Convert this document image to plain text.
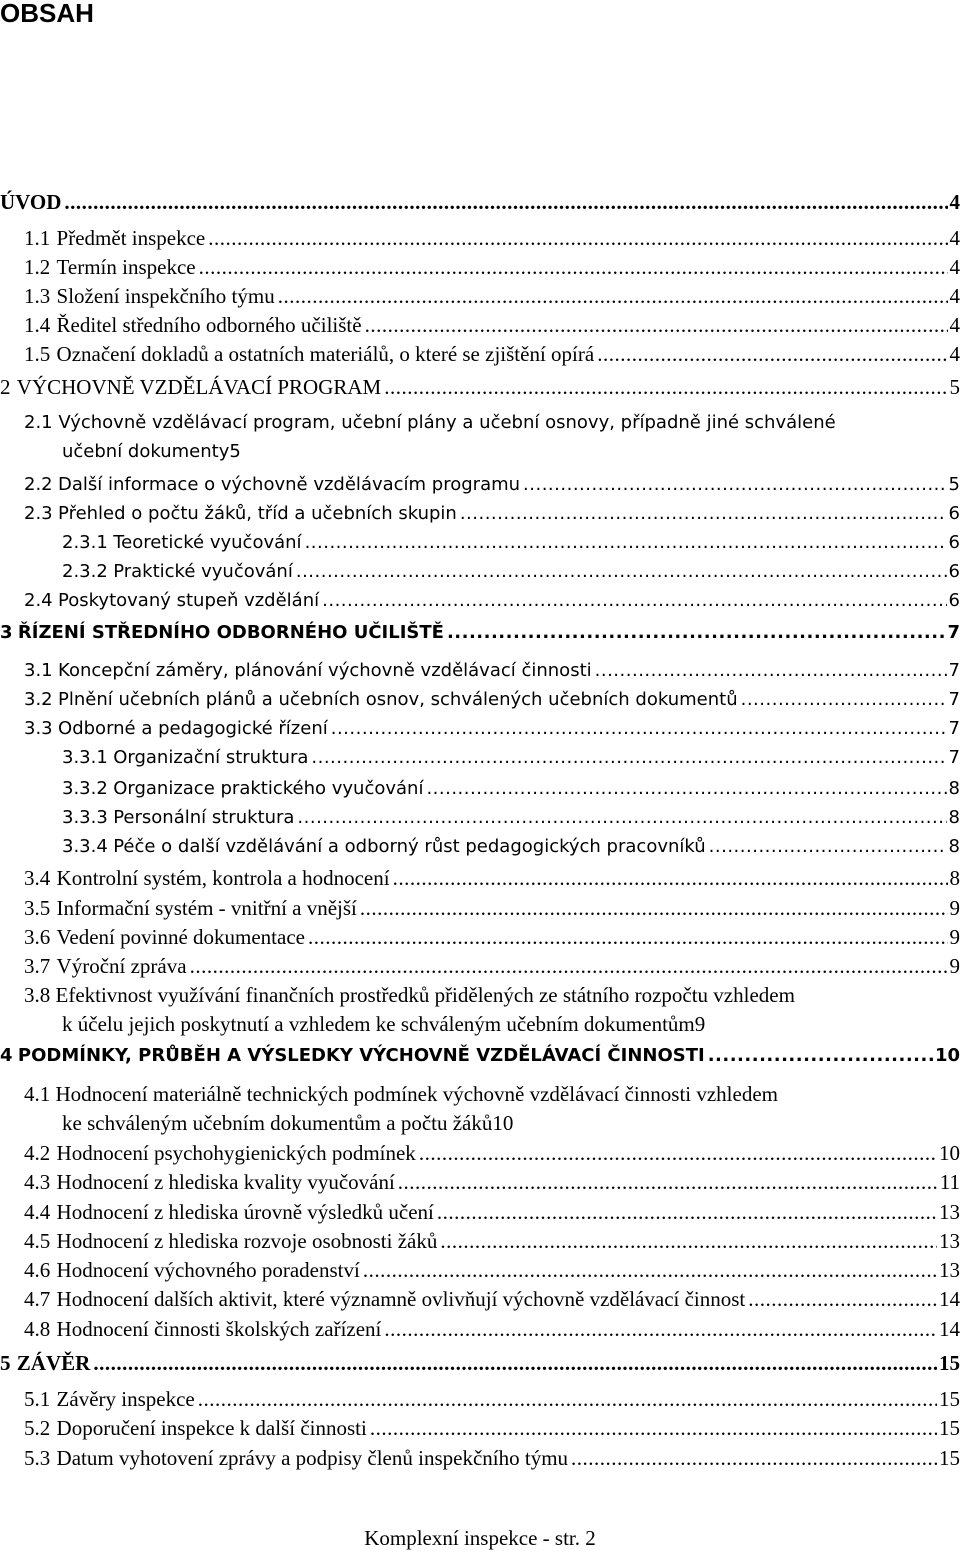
OBSAH
ÚVOD .....	4
1.1 Předmět inspekce .....	4
1.2 Termín inspekce .....	4
1.3 Složení inspekčního týmu .....	4
1.4 Ředitel středního odborného učiliště .....	4
1.5 Označení dokladů a ostatních materiálů, o které se zjištění opírá .....	4
2 VÝCHOVNĚ VZDĚLÁVACÍ PROGRAM .....	5
2.1 Výchovně vzdělávací program, učební plány a učební osnovy, případně jiné schválené
učební dokumenty 5
2.2 Další informace o výchovně vzdělávacím programu .....	5
2.3 Přehled o počtu žáků, tříd a učebních skupin .....	6
2.3.1 Teoretické vyučování .....	6
2.3.2 Praktické vyučování .....	6
2.4 Poskytovaný stupeň vzdělání .....	6
3 ŘÍZENÍ STŘEDNÍHO ODBORNÉHO UČILIŠTĚ .....	7
3.1 Koncepční záměry, plánování výchovně vzdělávací činnosti .....	7
3.2 Plnění učebních plánů a učebních osnov, schválených učebních dokumentů .....	7
3.3 Odborné a pedagogické řízení .....	7
3.3.1 Organizační struktura .....	7
3.3.2 Organizace praktického vyučování .....	8
3.3.3 Personální struktura .....	8
3.3.4 Péče o další vzdělávání a odborný růst pedagogických pracovníků .....	8
3.4 Kontrolní systém, kontrola a hodnocení .....	8
3.5 Informační systém - vnitřní a vnější .....	9
3.6 Vedení povinné dokumentace .....	9
3.7 Výroční zpráva .....	9
3.8 Efektivnost využívání finančních prostředků přidělených ze státního rozpočtu vzhledem
k účelu jejich poskytnutí a vzhledem ke schváleným učebním dokumentům 9
4 PODMÍNKY, PRŮBĚH A VÝSLEDKY VÝCHOVNĚ VZDĚLÁVACÍ ČINNOSTI .....	10
4.1 Hodnocení materiálně technických podmínek výchovně vzdělávací činnosti vzhledem
ke schváleným učebním dokumentům a počtu žáků 10
4.2 Hodnocení psychohygienických podmínek .....	10
4.3 Hodnocení z hlediska kvality vyučování .....	11
4.4 Hodnocení z hlediska úrovně výsledků učení .....	13
4.5 Hodnocení z hlediska rozvoje osobnosti žáků .....	13
4.6 Hodnocení výchovného poradenství .....	13
4.7 Hodnocení dalších aktivit, které významně ovlivňují výchovně vzdělávací činnost .....	14
4.8 Hodnocení činnosti školských zařízení .....	14
5 ZÁVĚR .....	15
5.1 Závěry inspekce .....	15
5.2 Doporučení inspekce k další činnosti .....	15
5.3 Datum vyhotovení zprávy a podpisy členů inspekčního týmu .....	15
Komplexní inspekce - str. 2
